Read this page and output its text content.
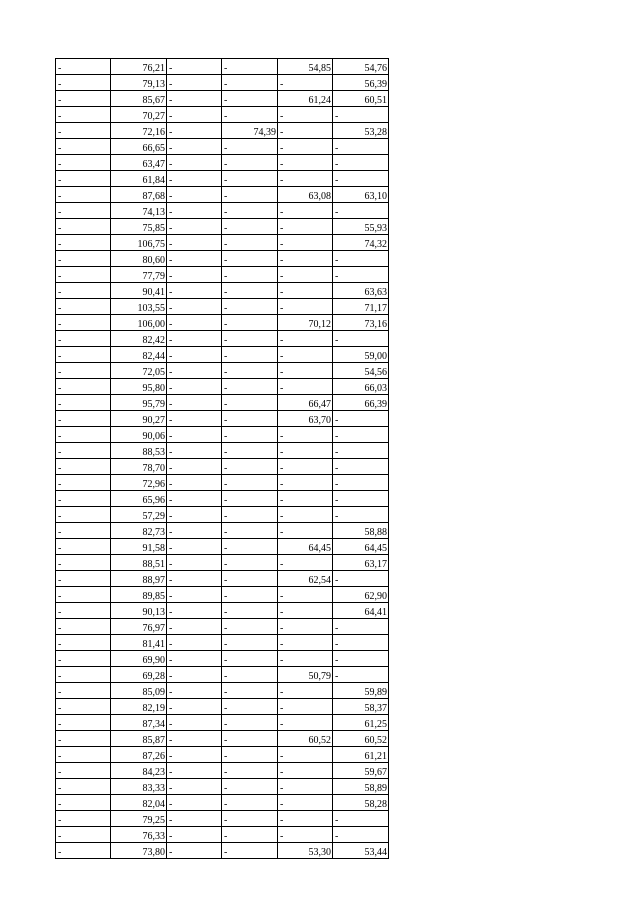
-	76,21	-	-	54,85	54,76
-	79,13	-	-	-	56,39
-	85,67	-	-	61,24	60,51
-	70,27	-	-	-	-
-	72,16	-	74,39	-	53,28
-	66,65	-	-	-	-
-	63,47	-	-	-	-
-	61,84	-	-	-	-
-	87,68	-	-	63,08	63,10
-	74,13	-	-	-	-
-	75,85	-	-	-	55,93
-	106,75	-	-	-	74,32
-	80,60	-	-	-	-
-	77,79	-	-	-	-
-	90,41	-	-	-	63,63
-	103,55	-	-	-	71,17
-	106,00	-	-	70,12	73,16
-	82,42	-	-	-	-
-	82,44	-	-	-	59,00
-	72,05	-	-	-	54,56
-	95,80	-	-	-	66,03
-	95,79	-	-	66,47	66,39
-	90,27	-	-	63,70	-
-	90,06	-	-	-	-
-	88,53	-	-	-	-
-	78,70	-	-	-	-
-	72,96	-	-	-	-
-	65,96	-	-	-	-
-	57,29	-	-	-	-
-	82,73	-	-	-	58,88
-	91,58	-	-	64,45	64,45
-	88,51	-	-	-	63,17
-	88,97	-	-	62,54	-
-	89,85	-	-	-	62,90
-	90,13	-	-	-	64,41
-	76,97	-	-	-	-
-	81,41	-	-	-	-
-	69,90	-	-	-	-
-	69,28	-	-	50,79	-
-	85,09	-	-	-	59,89
-	82,19	-	-	-	58,37
-	87,34	-	-	-	61,25
-	85,87	-	-	60,52	60,52
-	87,26	-	-	-	61,21
-	84,23	-	-	-	59,67
-	83,33	-	-	-	58,89
-	82,04	-	-	-	58,28
-	79,25	-	-	-	-
-	76,33	-	-	-	-
-	73,80	-	-	53,30	53,44
